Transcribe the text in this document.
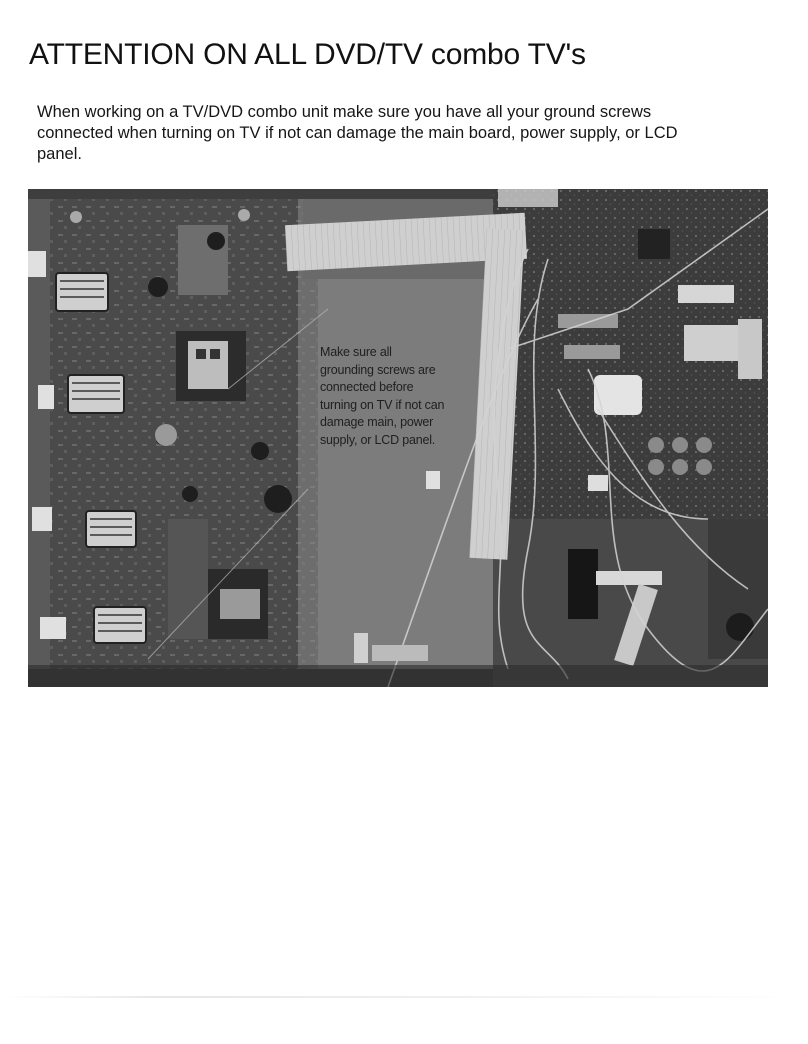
ATTENTION ON ALL DVD/TV combo TV's

When working on a TV/DVD combo unit make sure you have all your ground screws connected when turning on TV if not can damage the main board, power supply, or LCD panel.

Make sure all
grounding screws are
connected before
turning on TV if not can
damage main, power
supply, or LCD panel.
